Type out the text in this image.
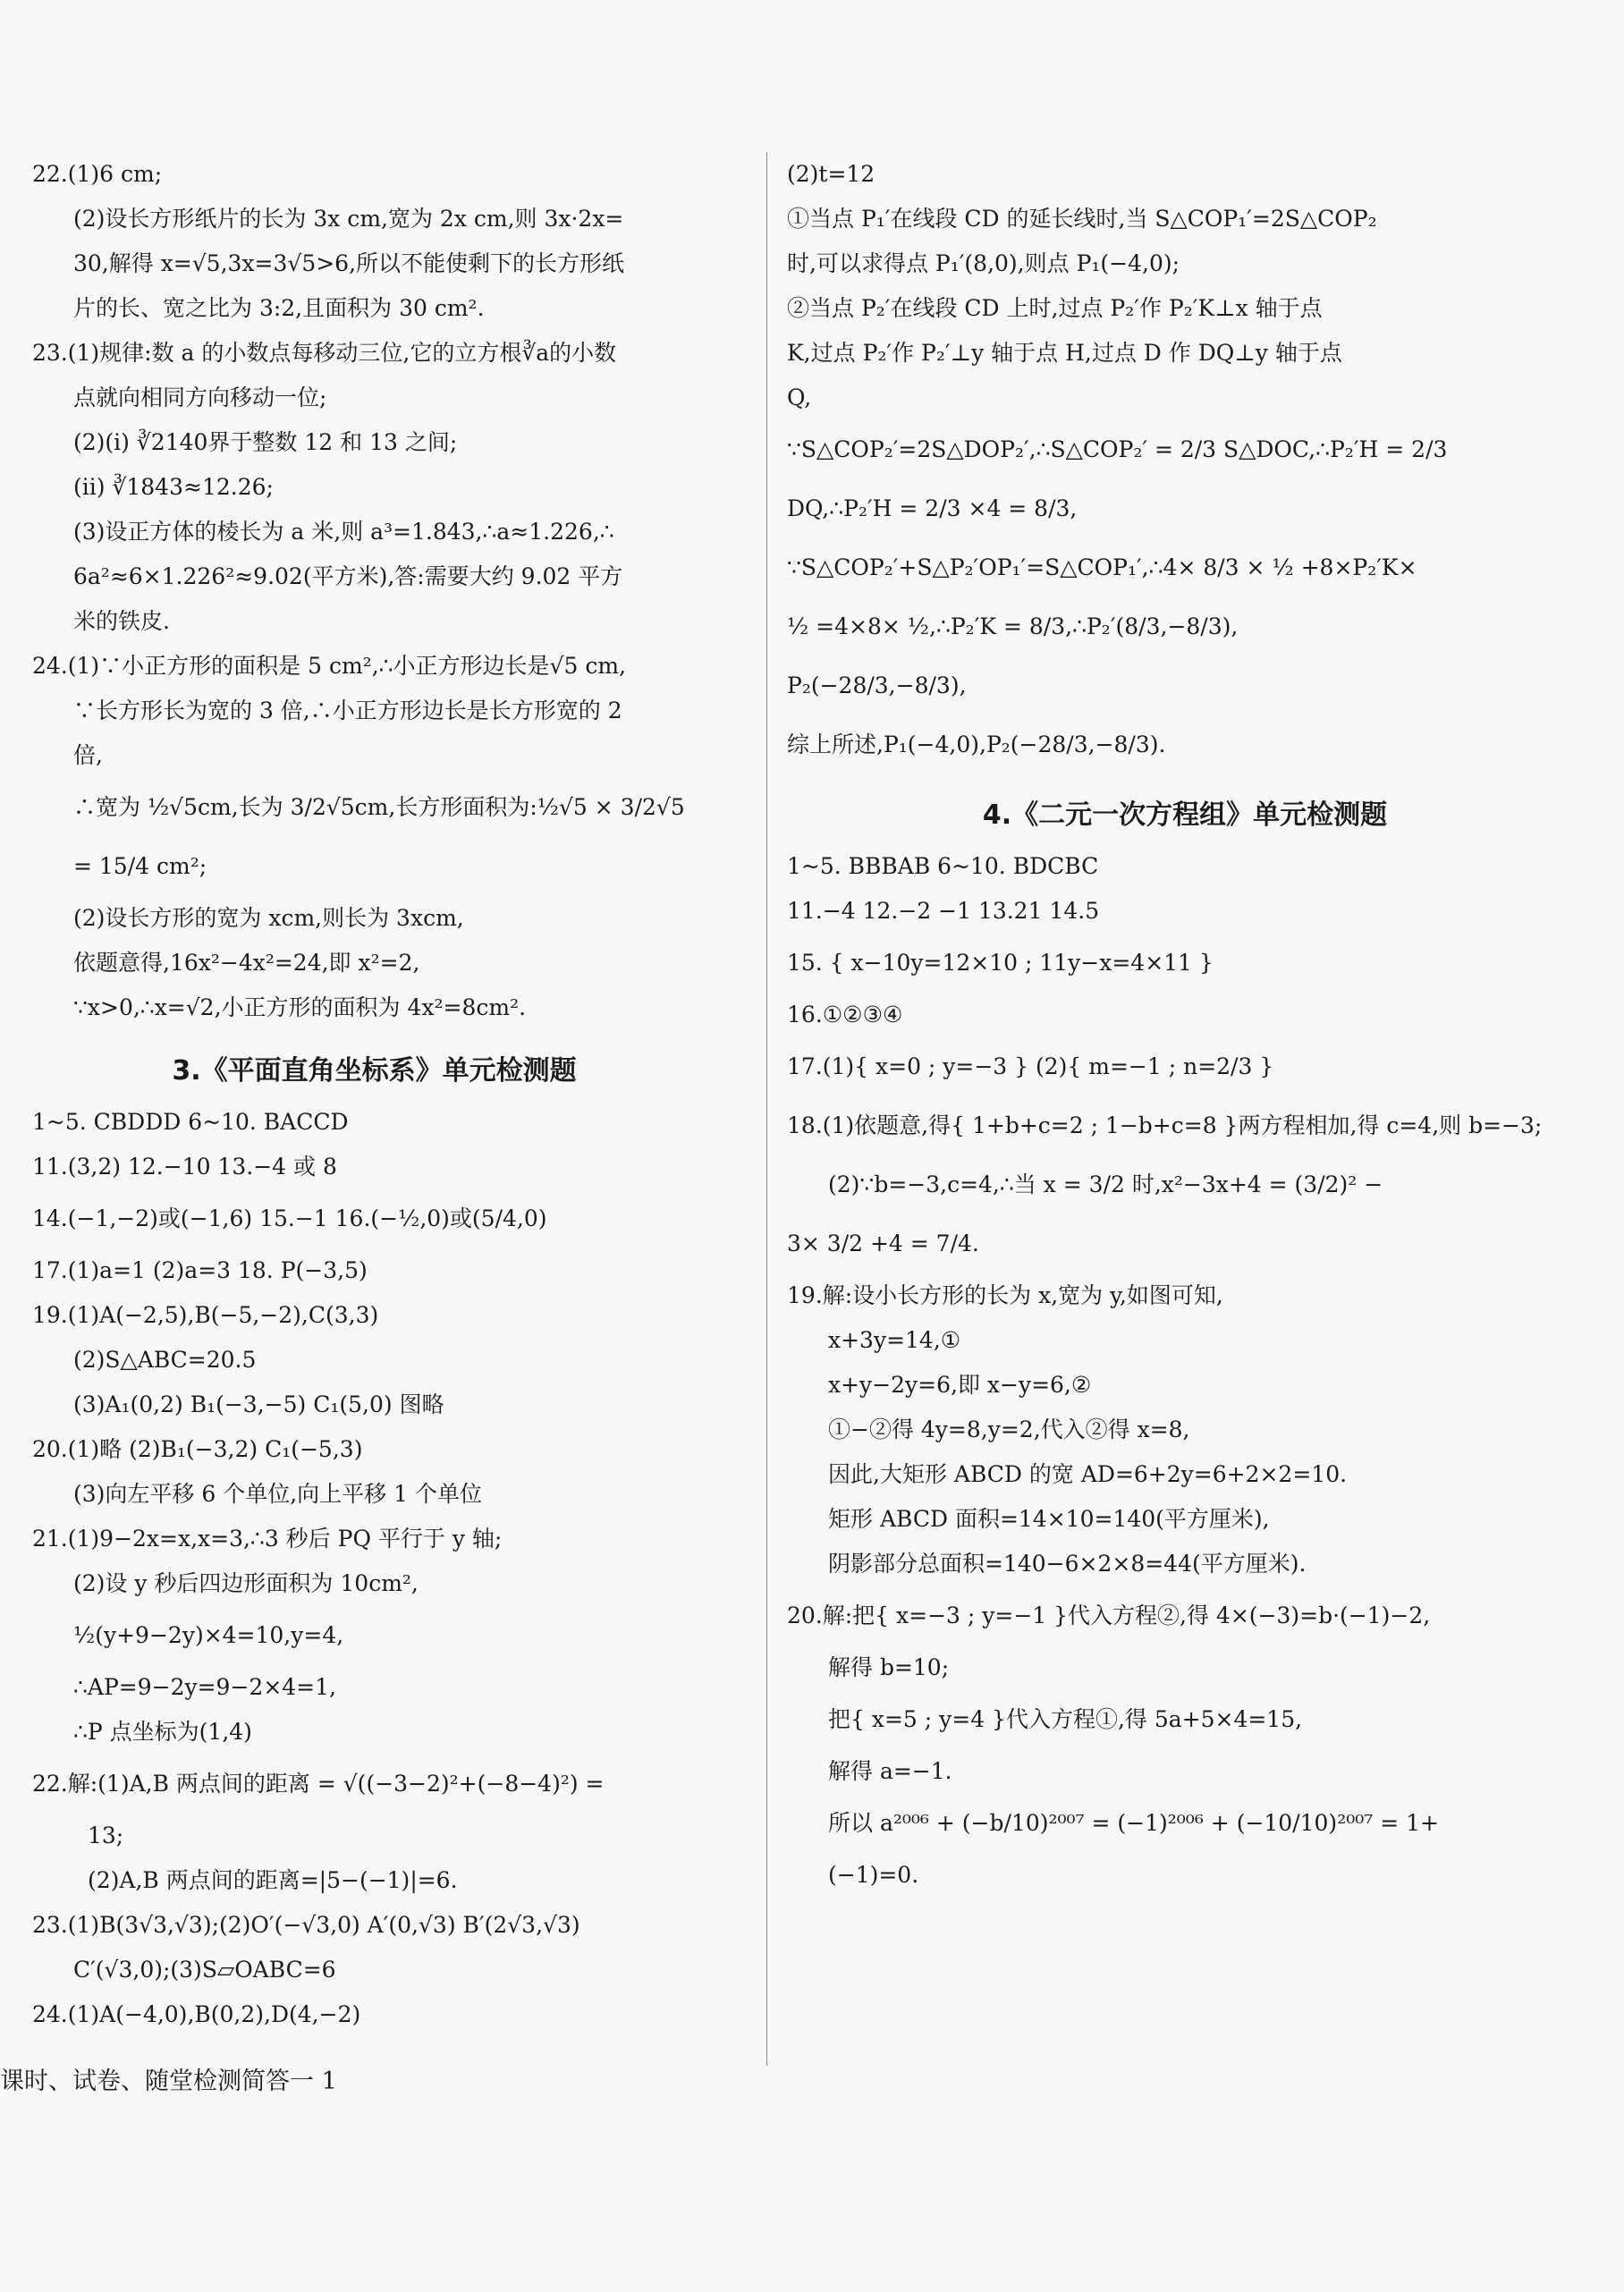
22.(1)6 cm;
(2)设长方形纸片的长为 3x cm,宽为 2x cm,则 3x·2x=
30,解得 x=√5,3x=3√5>6,所以不能使剩下的长方形纸
片的长、宽之比为 3:2,且面积为 30 cm².
23.(1)规律:数 a 的小数点每移动三位,它的立方根∛a的小数
点就向相同方向移动一位;
(2)(i) ∛2140界于整数 12 和 13 之间;
(ii) ∛1843≈12.26;
(3)设正方体的棱长为 a 米,则 a³=1.843,∴a≈1.226,∴
6a²≈6×1.226²≈9.02(平方米),答:需要大约 9.02 平方
米的铁皮.
24.(1)∵小正方形的面积是 5 cm²,∴小正方形边长是√5 cm,
∵长方形长为宽的 3 倍,∴小正方形边长是长方形宽的 2
倍,
∴宽为 ½√5cm,长为 3/2√5cm,长方形面积为:½√5 × 3/2√5
= 15/4 cm²;
(2)设长方形的宽为 xcm,则长为 3xcm,
依题意得,16x²−4x²=24,即 x²=2,
∵x>0,∴x=√2,小正方形的面积为 4x²=8cm².
3.《平面直角坐标系》单元检测题
1~5. CBDDD 6~10. BACCD
11.(3,2) 12.−10 13.−4 或 8
14.(−1,−2)或(−1,6) 15.−1 16.(−½,0)或(5/4,0)
17.(1)a=1 (2)a=3 18. P(−3,5)
19.(1)A(−2,5),B(−5,−2),C(3,3)
(2)S△ABC=20.5
(3)A₁(0,2) B₁(−3,−5) C₁(5,0) 图略
20.(1)略 (2)B₁(−3,2) C₁(−5,3)
(3)向左平移 6 个单位,向上平移 1 个单位
21.(1)9−2x=x,x=3,∴3 秒后 PQ 平行于 y 轴;
(2)设 y 秒后四边形面积为 10cm²,
½(y+9−2y)×4=10,y=4,
∴AP=9−2y=9−2×4=1,
∴P 点坐标为(1,4)
22.解:(1)A,B 两点间的距离 = √((−3−2)²+(−8−4)²) =
13;
(2)A,B 两点间的距离=|5−(−1)|=6.
23.(1)B(3√3,√3);(2)O′(−√3,0) A′(0,√3) B′(2√3,√3)
C′(√3,0);(3)S▱OABC=6
24.(1)A(−4,0),B(0,2),D(4,−2)
(2)t=12
①当点 P₁′在线段 CD 的延长线时,当 S△COP₁′=2S△COP₂
时,可以求得点 P₁′(8,0),则点 P₁(−4,0);
②当点 P₂′在线段 CD 上时,过点 P₂′作 P₂′K⊥x 轴于点
K,过点 P₂′作 P₂′⊥y 轴于点 H,过点 D 作 DQ⊥y 轴于点
Q,
∵S△COP₂′=2S△DOP₂′,∴S△COP₂′ = 2/3 S△DOC,∴P₂′H = 2/3
DQ,∴P₂′H = 2/3 ×4 = 8/3,
∵S△COP₂′+S△P₂′OP₁′=S△COP₁′,∴4× 8/3 × ½ +8×P₂′K×
½ =4×8× ½,∴P₂′K = 8/3,∴P₂′(8/3,−8/3),
P₂(−28/3,−8/3),
综上所述,P₁(−4,0),P₂(−28/3,−8/3).
4.《二元一次方程组》单元检测题
1~5. BBBAB 6~10. BDCBC
11.−4 12.−2 −1 13.21 14.5
15. { x−10y=12×10 ; 11y−x=4×11 }
16.①②③④
17.(1){ x=0 ; y=−3 } (2){ m=−1 ; n=2/3 }
18.(1)依题意,得{ 1+b+c=2 ; 1−b+c=8 }两方程相加,得 c=4,则 b=−3;
(2)∵b=−3,c=4,∴当 x = 3/2 时,x²−3x+4 = (3/2)² −
3× 3/2 +4 = 7/4.
19.解:设小长方形的长为 x,宽为 y,如图可知,
x+3y=14,①
x+y−2y=6,即 x−y=6,②
①−②得 4y=8,y=2,代入②得 x=8,
因此,大矩形 ABCD 的宽 AD=6+2y=6+2×2=10.
矩形 ABCD 面积=14×10=140(平方厘米),
阴影部分总面积=140−6×2×8=44(平方厘米).
20.解:把{ x=−3 ; y=−1 }代入方程②,得 4×(−3)=b·(−1)−2,
解得 b=10;
把{ x=5 ; y=4 }代入方程①,得 5a+5×4=15,
解得 a=−1.
所以 a²⁰⁰⁶ + (−b/10)²⁰⁰⁷ = (−1)²⁰⁰⁶ + (−10/10)²⁰⁰⁷ = 1+
(−1)=0.
课时、试卷、随堂检测简答一 1
